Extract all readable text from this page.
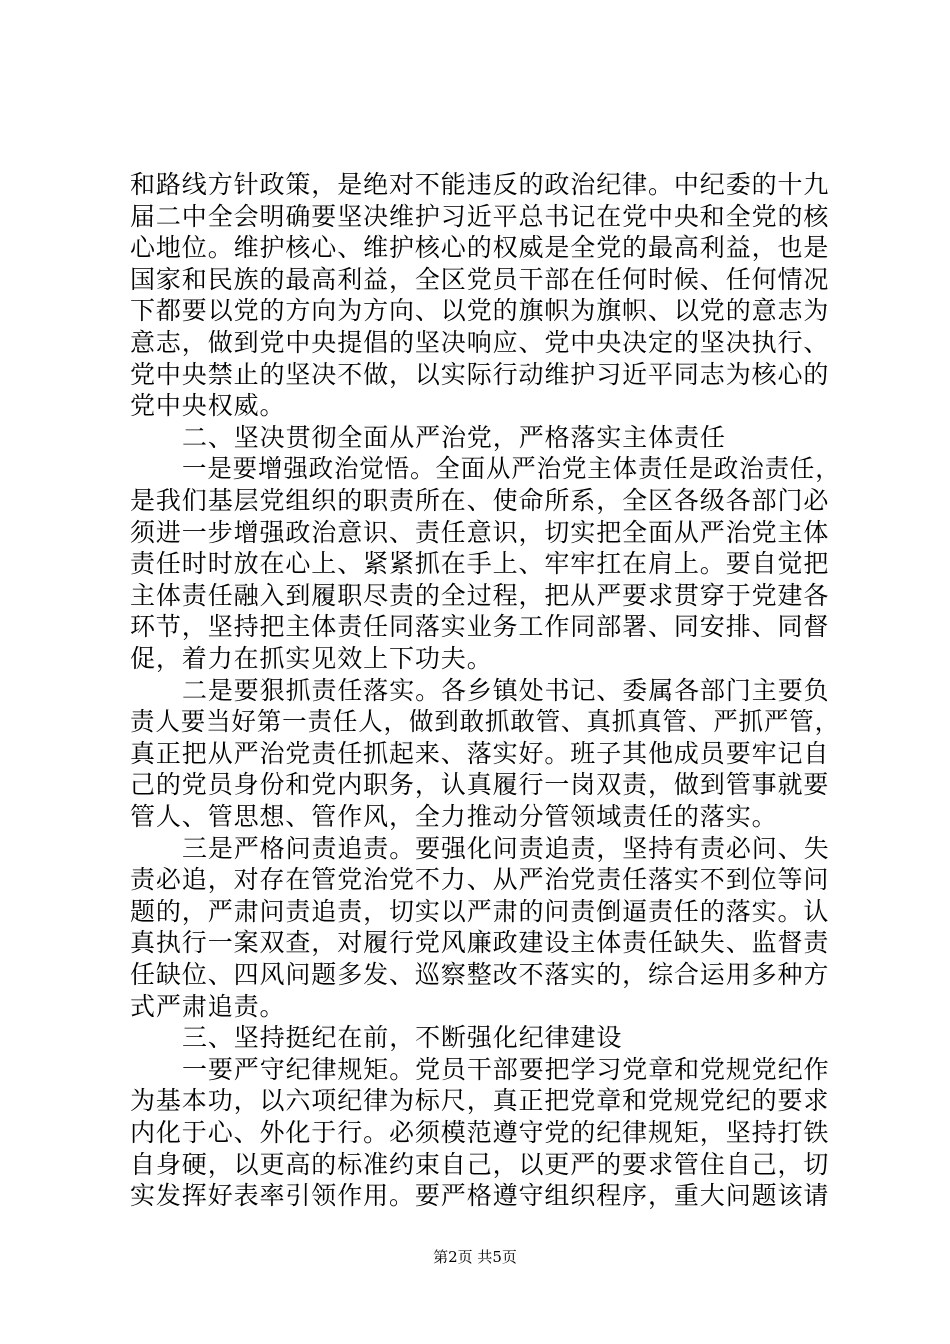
和路线方针政策，是绝对不能违反的政治纪律。中纪委的十九
届二中全会明确要坚决维护习近平总书记在党中央和全党的核
心地位。维护核心、维护核心的权威是全党的最高利益，也是
国家和民族的最高利益，全区党员干部在任何时候、任何情况
下都要以党的方向为方向、以党的旗帜为旗帜、以党的意志为
意志，做到党中央提倡的坚决响应、党中央决定的坚决执行、
党中央禁止的坚决不做，以实际行动维护习近平同志为核心的
党中央权威。
二、坚决贯彻全面从严治党，严格落实主体责任
一是要增强政治觉悟。全面从严治党主体责任是政治责任，
是我们基层党组织的职责所在、使命所系，全区各级各部门必
须进一步增强政治意识、责任意识，切实把全面从严治党主体
责任时时放在心上、紧紧抓在手上、牢牢扛在肩上。要自觉把
主体责任融入到履职尽责的全过程，把从严要求贯穿于党建各
环节，坚持把主体责任同落实业务工作同部署、同安排、同督
促，着力在抓实见效上下功夫。
二是要狠抓责任落实。各乡镇处书记、委属各部门主要负
责人要当好第一责任人，做到敢抓敢管、真抓真管、严抓严管，
真正把从严治党责任抓起来、落实好。班子其他成员要牢记自
己的党员身份和党内职务，认真履行一岗双责，做到管事就要
管人、管思想、管作风，全力推动分管领域责任的落实。
三是严格问责追责。要强化问责追责，坚持有责必问、失
责必追，对存在管党治党不力、从严治党责任落实不到位等问
题的，严肃问责追责，切实以严肃的问责倒逼责任的落实。认
真执行一案双查，对履行党风廉政建设主体责任缺失、监督责
任缺位、四风问题多发、巡察整改不落实的，综合运用多种方
式严肃追责。
三、坚持挺纪在前，不断强化纪律建设
一要严守纪律规矩。党员干部要把学习党章和党规党纪作
为基本功，以六项纪律为标尺，真正把党章和党规党纪的要求
内化于心、外化于行。必须模范遵守党的纪律规矩，坚持打铁
自身硬，以更高的标准约束自己，以更严的要求管住自己，切
实发挥好表率引领作用。要严格遵守组织程序，重大问题该请
第2页 共5页
